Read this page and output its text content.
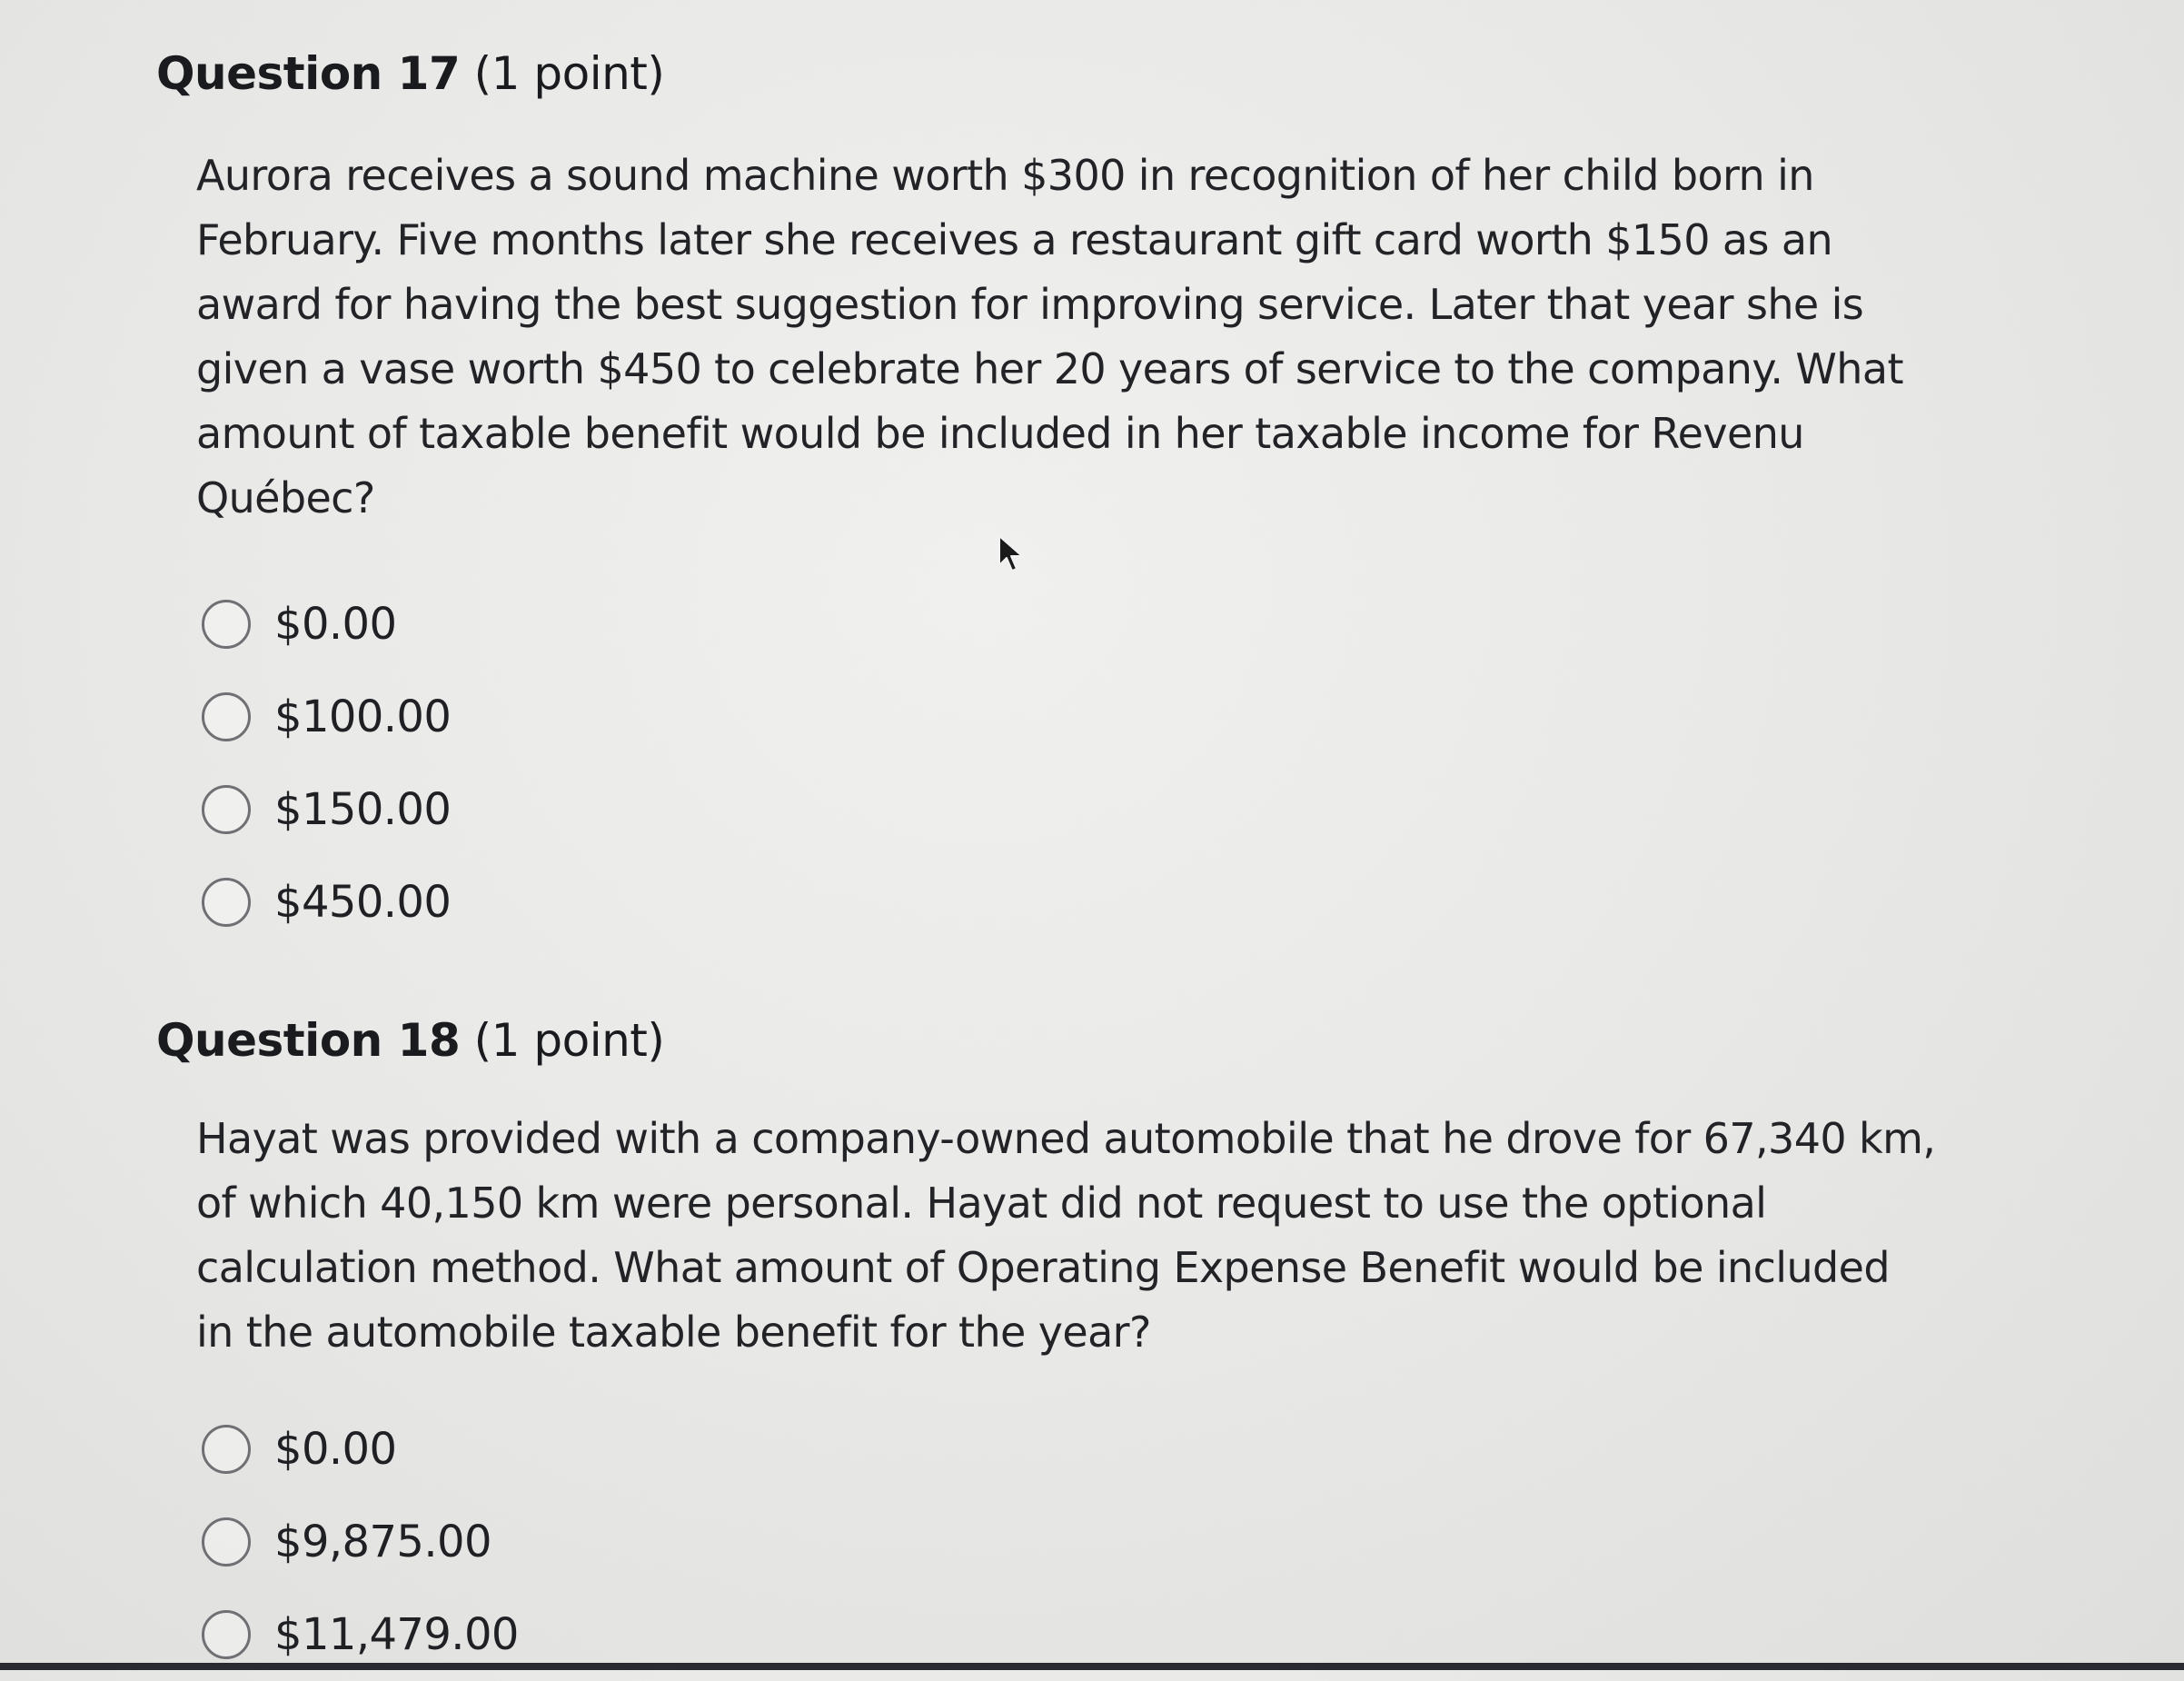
Question 17 (1 point)
Aurora receives a sound machine worth $300 in recognition of her child born in
February. Five months later she receives a restaurant gift card worth $150 as an
award for having the best suggestion for improving service. Later that year she is
given a vase worth $450 to celebrate her 20 years of service to the company. What
amount of taxable benefit would be included in her taxable income for Revenu
Québec?
$0.00
$100.00
$150.00
$450.00
Question 18 (1 point)
Hayat was provided with a company-owned automobile that he drove for 67,340 km,
of which 40,150 km were personal. Hayat did not request to use the optional
calculation method. What amount of Operating Expense Benefit would be included
in the automobile taxable benefit for the year?
$0.00
$9,875.00
$11,479.00
